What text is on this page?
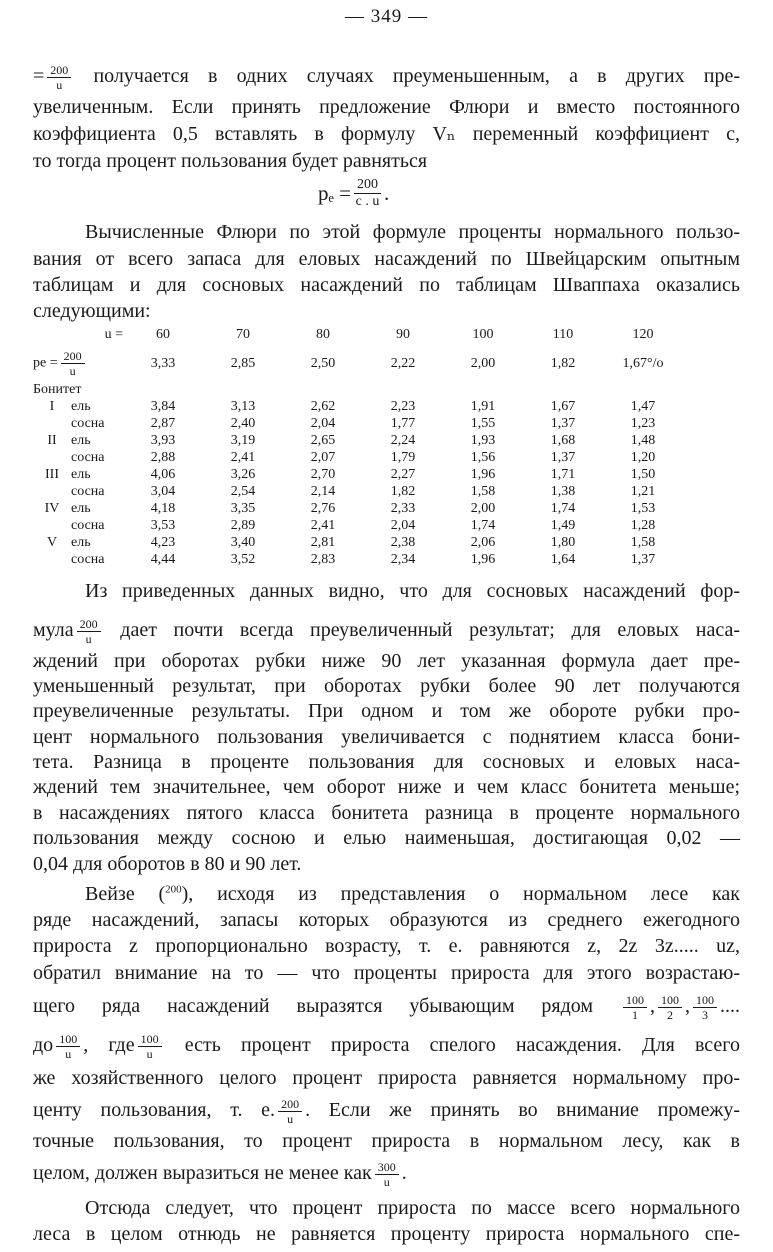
— 349 —
= $\frac{200}{u}$ получается в одних случаях преуменьшенным, а в других пре-
увеличенным. Если принять предложение Флюри и вместо постоянного
коэффициента 0,5 вставлять в формулу Vₙ переменный коэффициент с,
то тогда процент пользования будет равняться
$p_e = \frac{200}{c . u}$ .
Вычисленные Флюри по этой формуле проценты нормального пользо-
вания от всего запаса для еловых насаждений по Швейцарским опытным
таблицам и для сосновых насаждений по таблицам Шваппаха оказались
следующими:
	u =	60	70	80	90	100	110	120
pe = $\frac{200}{u}$		3,33	2,85	2,50	2,22	2,00	1,82	1,67°/о
Бонитет								
I	ель	3,84	3,13	2,62	2,23	1,91	1,67	1,47
	сосна	2,87	2,40	2,04	1,77	1,55	1,37	1,23
II	ель	3,93	3,19	2,65	2,24	1,93	1,68	1,48
	сосна	2,88	2,41	2,07	1,79	1,56	1,37	1,20
III	ель	4,06	3,26	2,70	2,27	1,96	1,71	1,50
	сосна	3,04	2,54	2,14	1,82	1,58	1,38	1,21
IV	ель	4,18	3,35	2,76	2,33	2,00	1,74	1,53
	сосна	3,53	2,89	2,41	2,04	1,74	1,49	1,28
V	ель	4,23	3,40	2,81	2,38	2,06	1,80	1,58
	сосна	4,44	3,52	2,83	2,34	1,96	1,64	1,37
Из приведенных данных видно, что для сосновых насаждений фор-
мула $\frac{200}{u}$ дает почти всегда преувеличенный результат; для еловых наса-
ждений при оборотах рубки ниже 90 лет указанная формула дает пре-
уменьшенный результат, при оборотах рубки более 90 лет получаются
преувеличенные результаты. При одном и том же обороте рубки про-
цент нормального пользования увеличивается с поднятием класса бони-
тета. Разница в проценте пользования для сосновых и еловых наса-
ждений тем значительнее, чем оборот ниже и чем класс бонитета меньше;
в насаждениях пятого класса бонитета разница в проценте нормального
пользования между сосною и елью наименьшая, достигающая 0,02 —
0,04 для оборотов в 80 и 90 лет.
Вейзе ($^{200}$), исходя из представления о нормальном лесе как
ряде насаждений, запасы которых образуются из среднего ежегодного
прироста z пропорционально возрасту, т. е. равняются z, 2z 3z..... uz,
обратил внимание на то — что проценты прироста для этого возрастаю-
щего ряда насаждений выразятся убывающим рядом $\frac{100}{1}$ , $\frac{100}{2}$ , $\frac{100}{3}$ ....
до $\frac{100}{u}$ , где $\frac{100}{u}$ есть процент прироста спелого насаждения. Для всего
же хозяйственного целого процент прироста равняется нормальному про-
центу пользования, т. е. $\frac{200}{u}$ . Если же принять во внимание промежу-
точные пользования, то процент прироста в нормальном лесу, как в
целом, должен выразиться не менее как $\frac{300}{u}$ .
Отсюда следует, что процент прироста по массе всего нормального
леса в целом отнюдь не равняется проценту прироста нормального спе-
